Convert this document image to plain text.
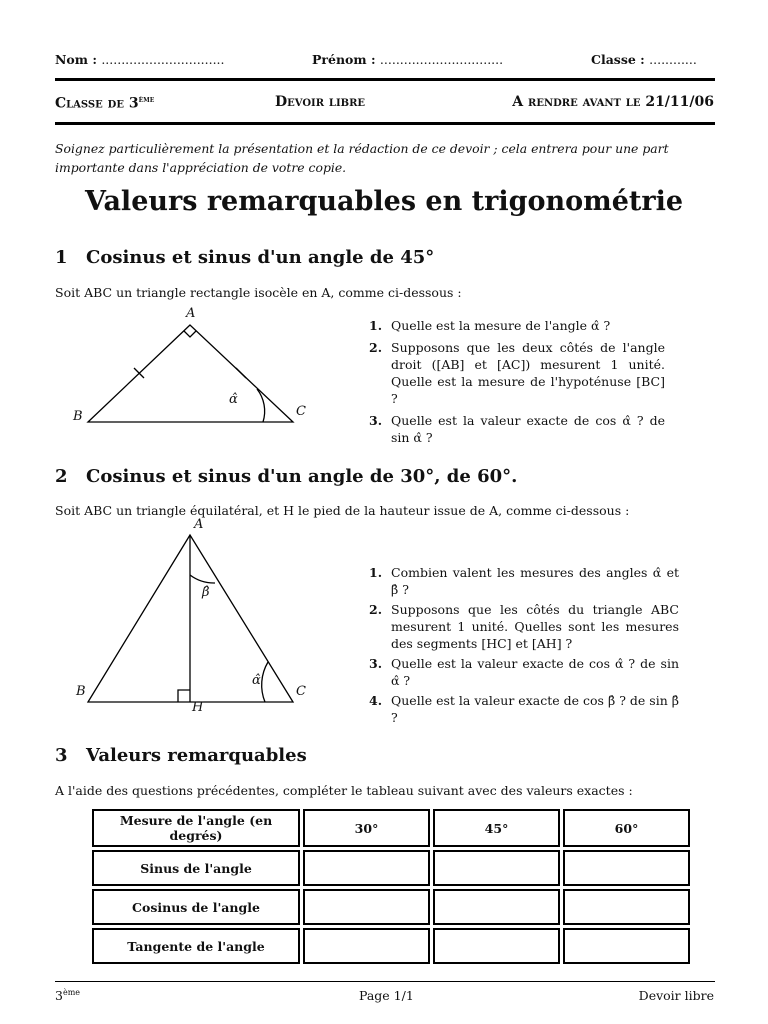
Nom : ...............................	Prénom : ...............................	Classe : ............
Classe de 3ème	Devoir libre	A rendre avant le 21/11/06
Soignez particulièrement la présentation et la rédaction de ce devoir ; cela entrera pour une part importante dans l'appréciation de votre copie.
Valeurs remarquables en trigonométrie
1 Cosinus et sinus d'un angle de 45°
Soit ABC un triangle rectangle isocèle en A, comme ci-dessous :
A
B	C
α̂
1. Quelle est la mesure de l'angle α̂ ?
2. Supposons que les deux côtés de l'angle droit ([AB] et [AC]) mesurent 1 unité. Quelle est la mesure de l'hypoténuse [BC] ?
3. Quelle est la valeur exacte de cos α̂ ? de sin α̂ ?
2 Cosinus et sinus d'un angle de 30°, de 60°.
Soit ABC un triangle équilatéral, et H le pied de la hauteur issue de A, comme ci-dessous :
A
B	C
H
β̂
α̂
1. Combien valent les mesures des angles α̂ et β̂ ?
2. Supposons que les côtés du triangle ABC mesurent 1 unité. Quelles sont les mesures des segments [HC] et [AH] ?
3. Quelle est la valeur exacte de cos α̂ ? de sin α̂ ?
4. Quelle est la valeur exacte de cos β̂ ? de sin β̂ ?
3 Valeurs remarquables
A l'aide des questions précédentes, compléter le tableau suivant avec des valeurs exactes :
Mesure de l'angle (en degrés)	30°	45°	60°
Sinus de l'angle			
Cosinus de l'angle			
Tangente de l'angle			
3ème	Page 1/1	Devoir libre
